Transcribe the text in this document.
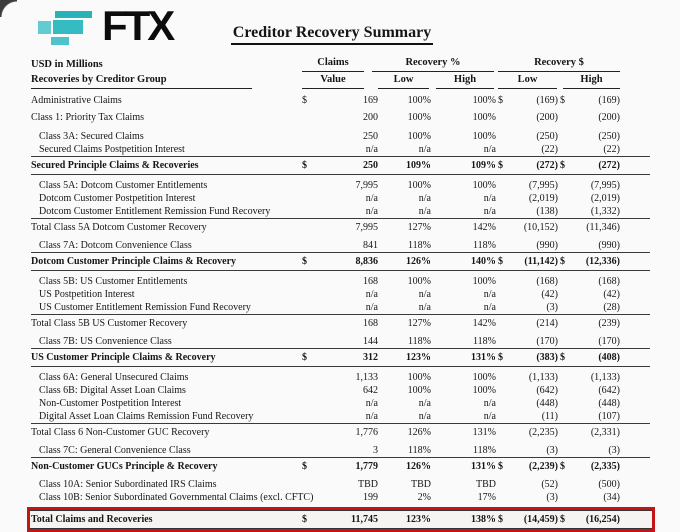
FTX	Creditor Recovery Summary
USD in Millions	Claims	Recovery %	Recovery $
Recoveries by Creditor Group	Value	Low	High	Low	High
Administrative Claims	$	169	100%	100% $	(169) $	(169)
Class 1: Priority Tax Claims	200	100%	100%	(200)	(200)
Class 3A: Secured Claims	250	100%	100%	(250)	(250)
Secured Claims Postpetition Interest	n/a	n/a	n/a	(22)	(22)
Secured Principle Claims & Recoveries	$	250	109%	109% $	(272) $	(272)
Class 5A: Dotcom Customer Entitlements	7,995	100%	100%	(7,995)	(7,995)
Dotcom Customer Postpetition Interest	n/a	n/a	n/a	(2,019)	(2,019)
Dotcom Customer Entitlement Remission Fund Recovery	n/a	n/a	n/a	(138)	(1,332)
Total Class 5A Dotcom Customer Recovery	7,995	127%	142%	(10,152)	(11,346)
Class 7A: Dotcom Convenience Class	841	118%	118%	(990)	(990)
Dotcom Customer Principle Claims & Recovery	$	8,836	126%	140% $	(11,142) $	(12,336)
Class 5B: US Customer Entitlements	168	100%	100%	(168)	(168)
US Postpetition Interest	n/a	n/a	n/a	(42)	(42)
US Customer Entitlement Remission Fund Recovery	n/a	n/a	n/a	(3)	(28)
Total Class 5B US Customer Recovery	168	127%	142%	(214)	(239)
Class 7B: US Convenience Class	144	118%	118%	(170)	(170)
US Customer Principle Claims & Recovery	$	312	123%	131% $	(383) $	(408)
Class 6A: General Unsecured Claims	1,133	100%	100%	(1,133)	(1,133)
Class 6B: Digital Asset Loan Claims	642	100%	100%	(642)	(642)
Non-Customer Postpetition Interest	n/a	n/a	n/a	(448)	(448)
Digital Asset Loan Claims Remission Fund Recovery	n/a	n/a	n/a	(11)	(107)
Total Class 6 Non-Customer GUC Recovery	1,776	126%	131%	(2,235)	(2,331)
Class 7C: General Convenience Class	3	118%	118%	(3)	(3)
Non-Customer GUCs Principle & Recovery	$	1,779	126%	131% $	(2,239) $	(2,335)
Class 10A: Senior Subordinated IRS Claims	TBD	TBD	TBD	(52)	(500)
Class 10B: Senior Subordinated Governmental Claims (excl. CFTC)	199	2%	17%	(3)	(34)
Total Claims and Recoveries	$	11,745	123%	138% $	(14,459) $	(16,254)
